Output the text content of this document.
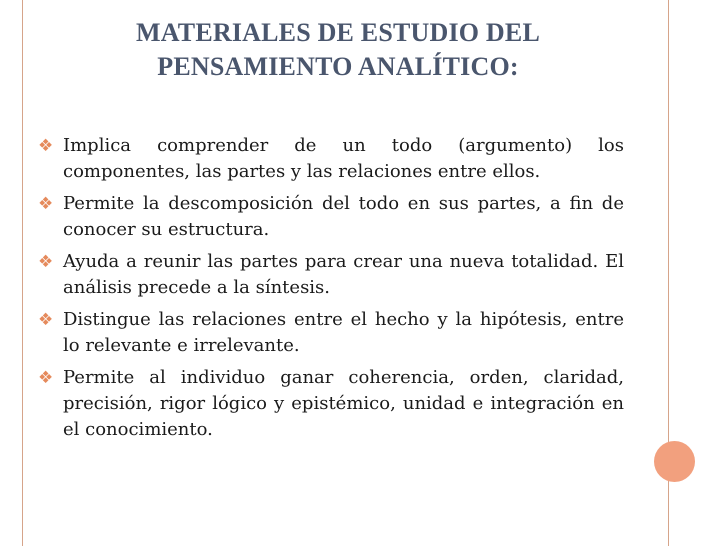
MATERIALES DE ESTUDIO DEL PENSAMIENTO ANALÍTICO:
❖ Implica comprender de un todo (argumento) los componentes, las partes y las relaciones entre ellos.
❖ Permite la descomposición del todo en sus partes, a fin de conocer su estructura.
❖ Ayuda a reunir las partes para crear una nueva totalidad. El análisis precede a la síntesis.
❖ Distingue las relaciones entre el hecho y la hipótesis, entre lo relevante e irrelevante.
❖ Permite al individuo ganar coherencia, orden, claridad, precisión, rigor lógico y epistémico, unidad e integración en el conocimiento.
